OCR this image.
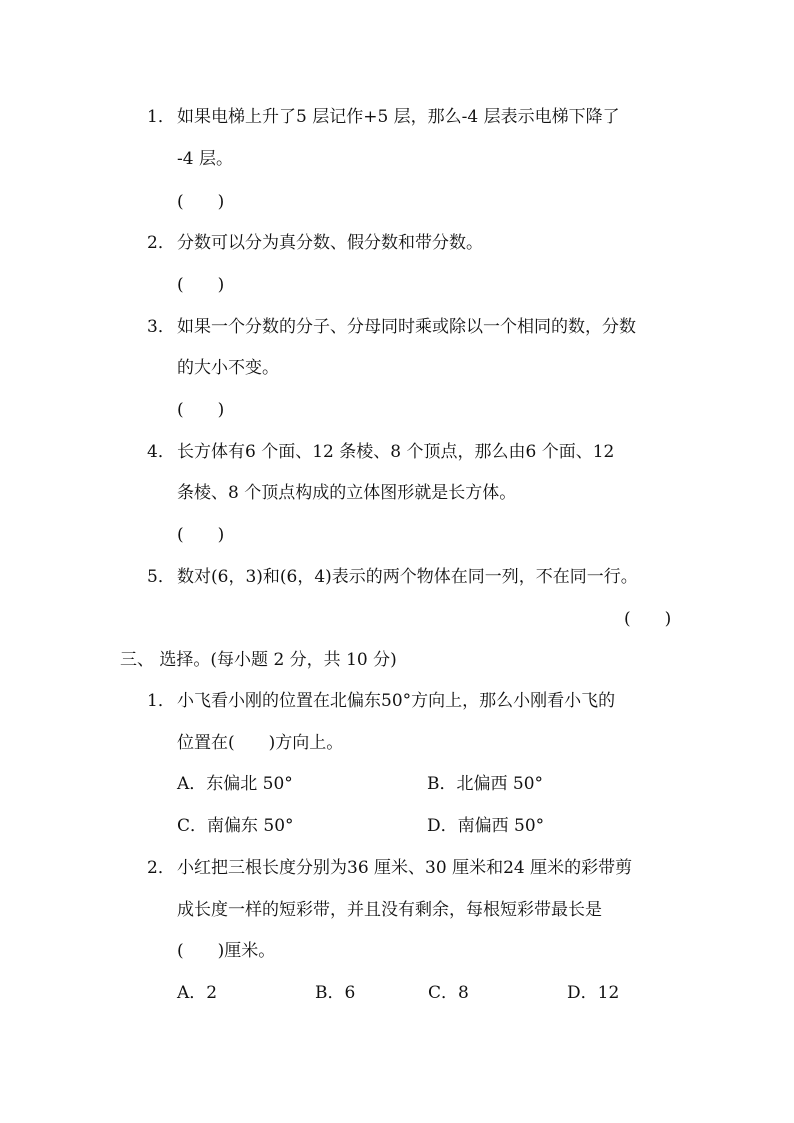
1． 如果电梯上升了5 层记作+5 层，那么-4 层表示电梯下降了
-4 层。
(　　)
2． 分数可以分为真分数、假分数和带分数。
(　　)
3． 如果一个分数的分子、分母同时乘或除以一个相同的数，分数
的大小不变。
(　　)
4． 长方体有6 个面、12 条棱、8 个顶点，那么由6 个面、12
条棱、8 个顶点构成的立体图形就是长方体。
(　　)
5． 数对(6，3)和(6，4)表示的两个物体在同一列，不在同一行。
(　　)
三、 选择。(每小题 2 分，共 10 分)
1． 小飞看小刚的位置在北偏东50°方向上，那么小刚看小飞的
位置在(　　)方向上。
A．东偏北 50°	B．北偏西 50°
C．南偏东 50°	D．南偏西 50°
2． 小红把三根长度分别为36 厘米、30 厘米和24 厘米的彩带剪
成长度一样的短彩带，并且没有剩余，每根短彩带最长是
(　　)厘米。
A．2	B．6	C．8	D．12
